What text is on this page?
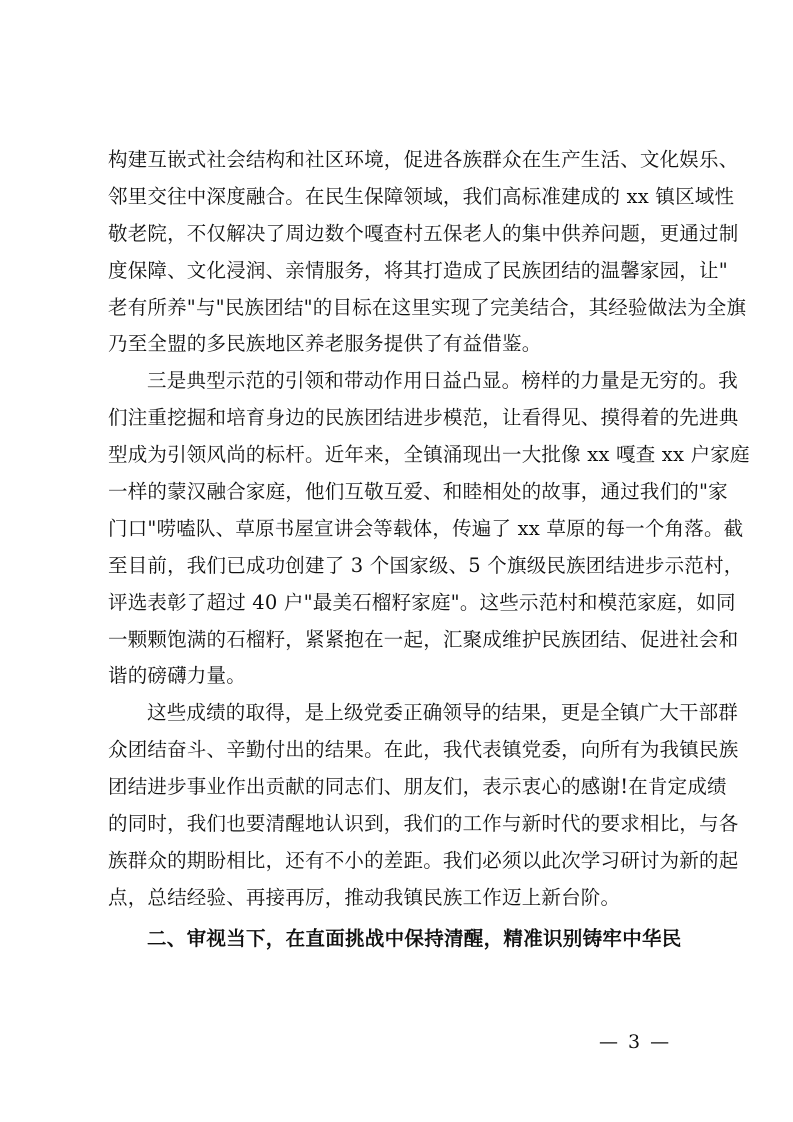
构建互嵌式社会结构和社区环境，促进各族群众在生产生活、文化娱乐、
邻里交往中深度融合。在民生保障领域，我们高标准建成的 xx 镇区域性
敬老院，不仅解决了周边数个嘎查村五保老人的集中供养问题，更通过制
度保障、文化浸润、亲情服务，将其打造成了民族团结的温馨家园，让"
老有所养"与"民族团结"的目标在这里实现了完美结合，其经验做法为全旗
乃至全盟的多民族地区养老服务提供了有益借鉴。
三是典型示范的引领和带动作用日益凸显。榜样的力量是无穷的。我
们注重挖掘和培育身边的民族团结进步模范，让看得见、摸得着的先进典
型成为引领风尚的标杆。近年来，全镇涌现出一大批像 xx 嘎查 xx 户家庭
一样的蒙汉融合家庭，他们互敬互爱、和睦相处的故事，通过我们的"家
门口"唠嗑队、草原书屋宣讲会等载体，传遍了 xx 草原的每一个角落。截
至目前，我们已成功创建了 3 个国家级、5 个旗级民族团结进步示范村，
评选表彰了超过 40 户"最美石榴籽家庭"。这些示范村和模范家庭，如同
一颗颗饱满的石榴籽，紧紧抱在一起，汇聚成维护民族团结、促进社会和
谐的磅礴力量。
这些成绩的取得，是上级党委正确领导的结果，更是全镇广大干部群
众团结奋斗、辛勤付出的结果。在此，我代表镇党委，向所有为我镇民族
团结进步事业作出贡献的同志们、朋友们，表示衷心的感谢!在肯定成绩
的同时，我们也要清醒地认识到，我们的工作与新时代的要求相比，与各
族群众的期盼相比，还有不小的差距。我们必须以此次学习研讨为新的起
点，总结经验、再接再厉，推动我镇民族工作迈上新台阶。
二、审视当下，在直面挑战中保持清醒，精准识别铸牢中华民
— 3 —
